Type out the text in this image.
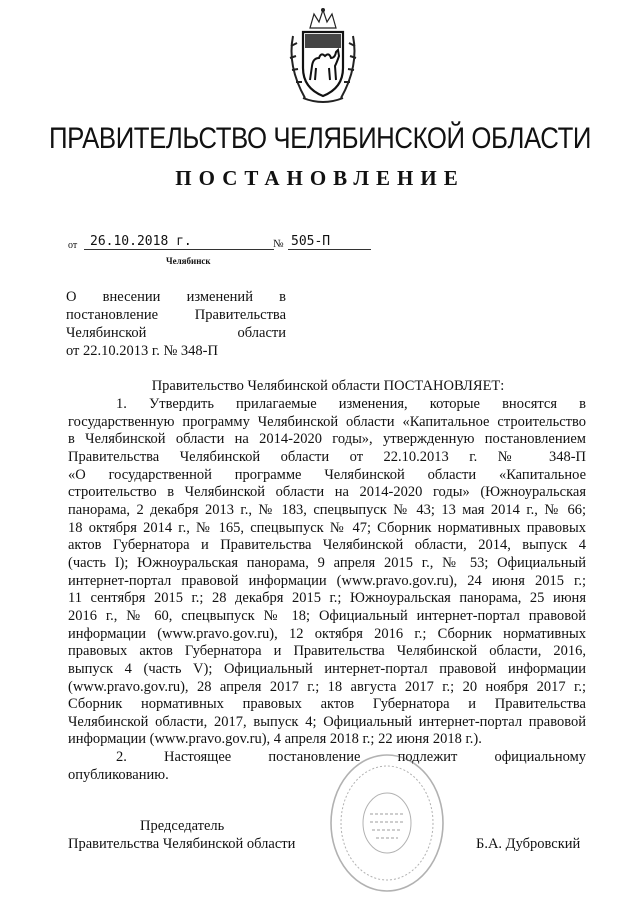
ПРАВИТЕЛЬСТВО ЧЕЛЯБИНСКОЙ ОБЛАСТИ
ПОСТАНОВЛЕНИЕ
от 26.10.2018 г.	№ 505-П
Челябинск
О внесении изменений в
постановление Правительства
Челябинской области
от 22.10.2013 г. № 348-П
Правительство Челябинской области ПОСТАНОВЛЯЕТ:
1. Утвердить прилагаемые изменения, которые вносятся в
государственную программу Челябинской области «Капитальное строительство
в Челябинской области на 2014-2020 годы», утвержденную постановлением
Правительства Челябинской области от 22.10.2013 г. № 348-П
«О государственной программе Челябинской области «Капитальное
строительство в Челябинской области на 2014-2020 годы» (Южноуральская
панорама, 2 декабря 2013 г., № 183, спецвыпуск № 43; 13 мая 2014 г., № 66;
18 октября 2014 г., № 165, спецвыпуск № 47; Сборник нормативных правовых
актов Губернатора и Правительства Челябинской области, 2014, выпуск 4
(часть I); Южноуральская панорама, 9 апреля 2015 г., № 53; Официальный
интернет-портал правовой информации (www.pravo.gov.ru), 24 июня 2015 г.;
11 сентября 2015 г.; 28 декабря 2015 г.; Южноуральская панорама, 25 июня
2016 г., № 60, спецвыпуск № 18; Официальный интернет-портал правовой
информации (www.pravo.gov.ru), 12 октября 2016 г.; Сборник нормативных
правовых актов Губернатора и Правительства Челябинской области, 2016,
выпуск 4 (часть V); Официальный интернет-портал правовой информации
(www.pravo.gov.ru), 28 апреля 2017 г.; 18 августа 2017 г.; 20 ноября 2017 г.;
Сборник нормативных правовых актов Губернатора и Правительства
Челябинской области, 2017, выпуск 4; Официальный интернет-портал правовой
информации (www.pravo.gov.ru), 4 апреля 2018 г.; 22 июня 2018 г.).
2. Настоящее постановление подлежит официальному
опубликованию.
Председатель
Правительства Челябинской области	Б.А. Дубровский
